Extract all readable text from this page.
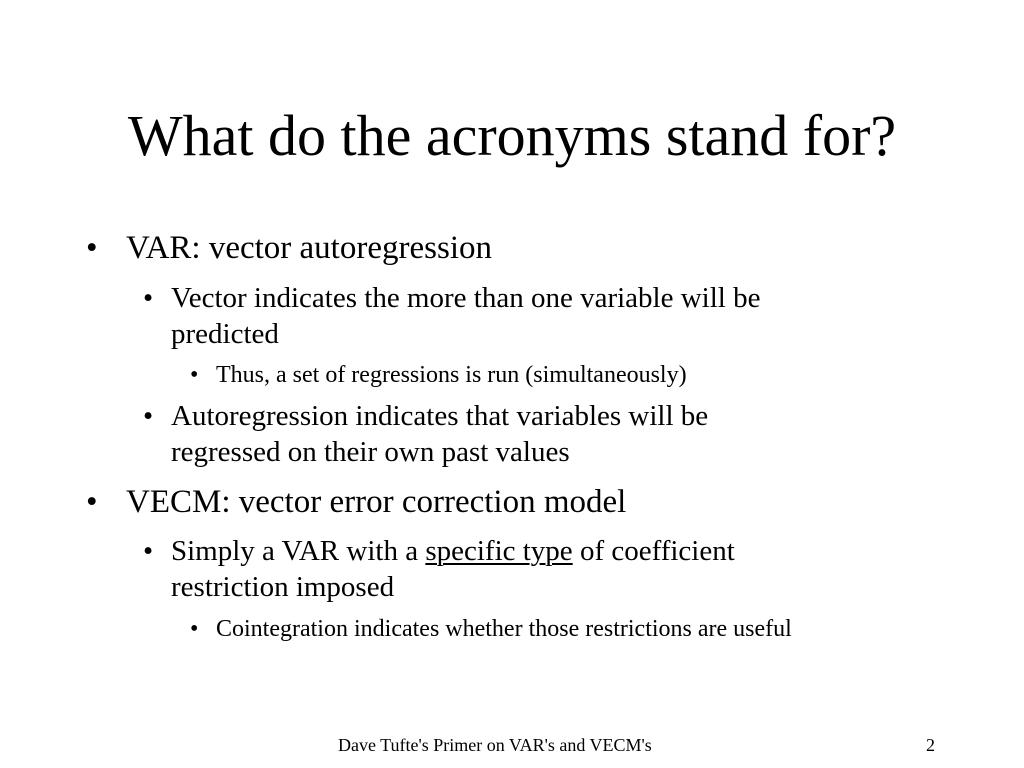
What do the acronyms stand for?
• VAR: vector autoregression
• Vector indicates the more than one variable will be
predicted
• Thus, a set of regressions is run (simultaneously)
• Autoregression indicates that variables will be
regressed on their own past values
• VECM: vector error correction model
• Simply a VAR with a specific type of coefficient
restriction imposed
• Cointegration indicates whether those restrictions are useful
Dave Tufte's Primer on VAR's and VECM's	2
